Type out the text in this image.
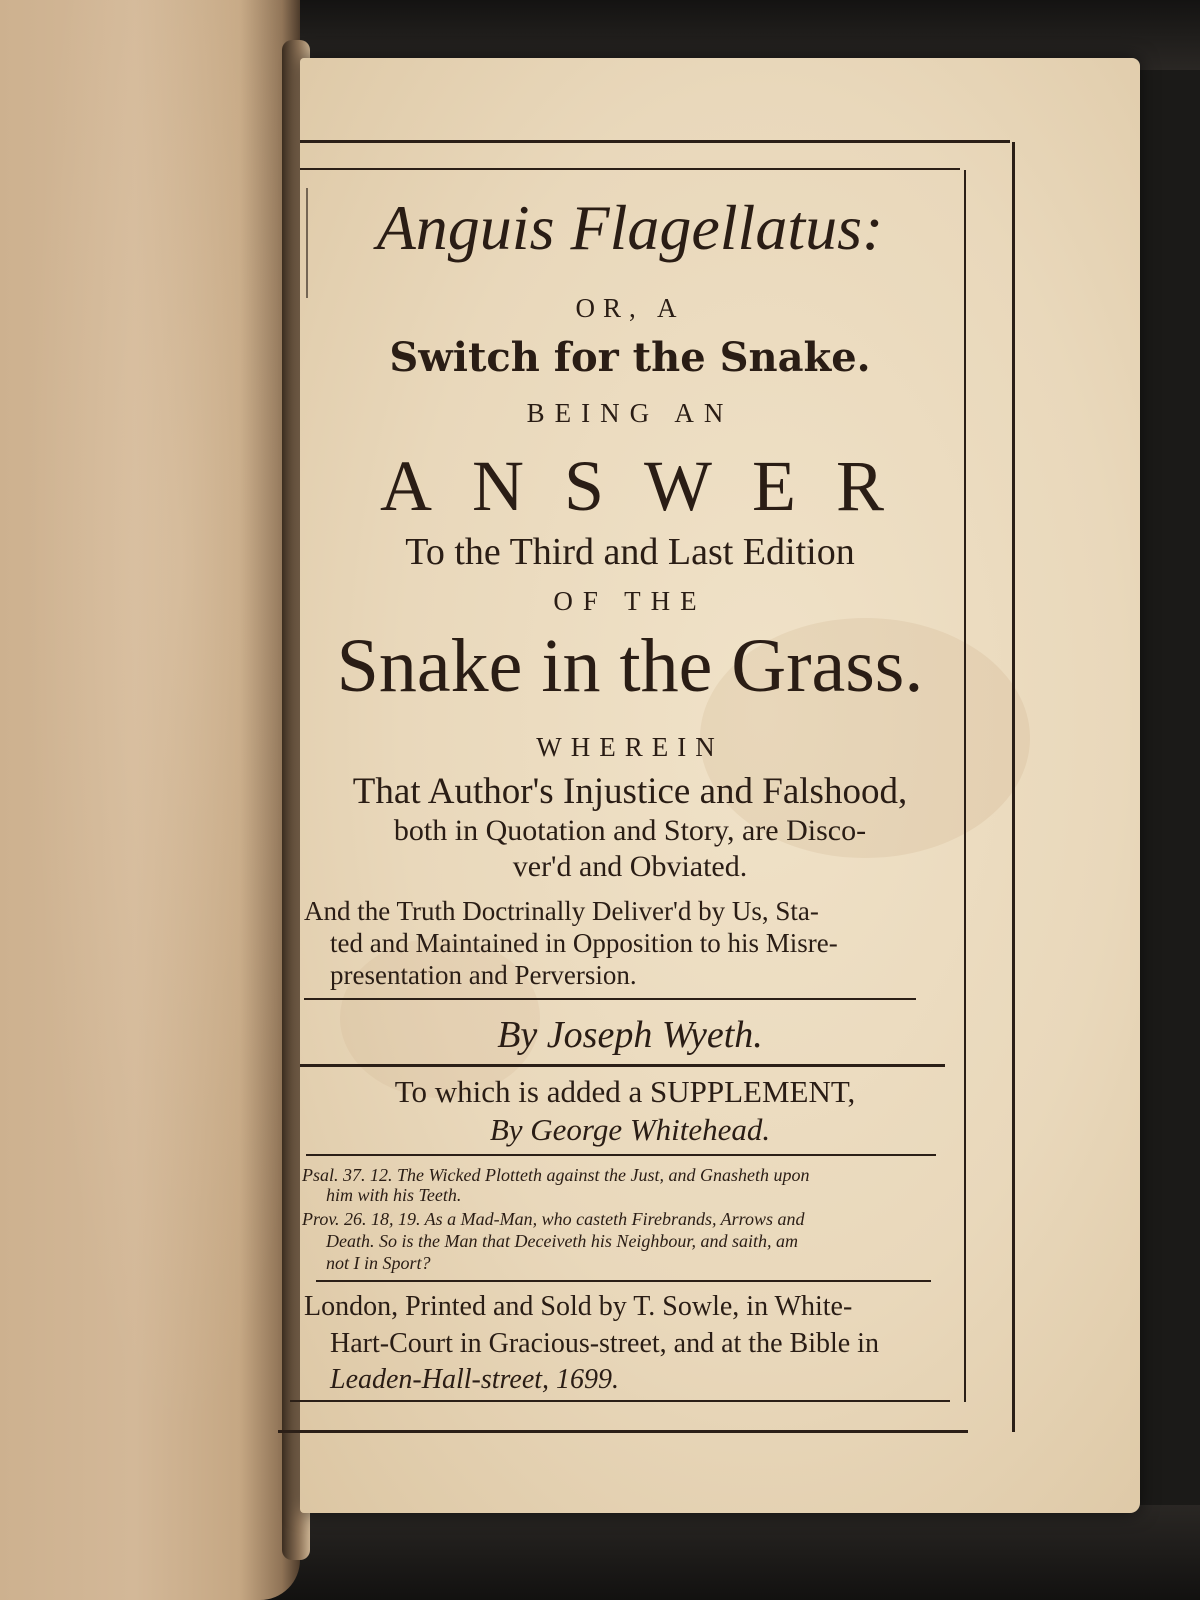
Anguis Flagellatus:
OR, A
Switch for the Snake.
BEING AN
ANSWER
To the Third and Last Edition
OF THE
Snake in the Grass.
WHEREIN
That Author's Injustice and Falshood,
both in Quotation and Story, are Disco-
ver'd and Obviated.
And the Truth Doctrinally Deliver'd by Us, Sta-
ted and Maintained in Opposition to his Misre-
presentation and Perversion.
By Joseph Wyeth.
To which is added a SUPPLEMENT,
By George Whitehead.
Psal. 37. 12. The Wicked Plotteth against the Just, and Gnasheth upon
him with his Teeth.
Prov. 26. 18, 19. As a Mad-Man, who casteth Firebrands, Arrows and
Death. So is the Man that Deceiveth his Neighbour, and saith, am
not I in Sport?
London, Printed and Sold by T. Sowle, in White-
Hart-Court in Gracious-street, and at the Bible in
Leaden-Hall-street, 1699.
